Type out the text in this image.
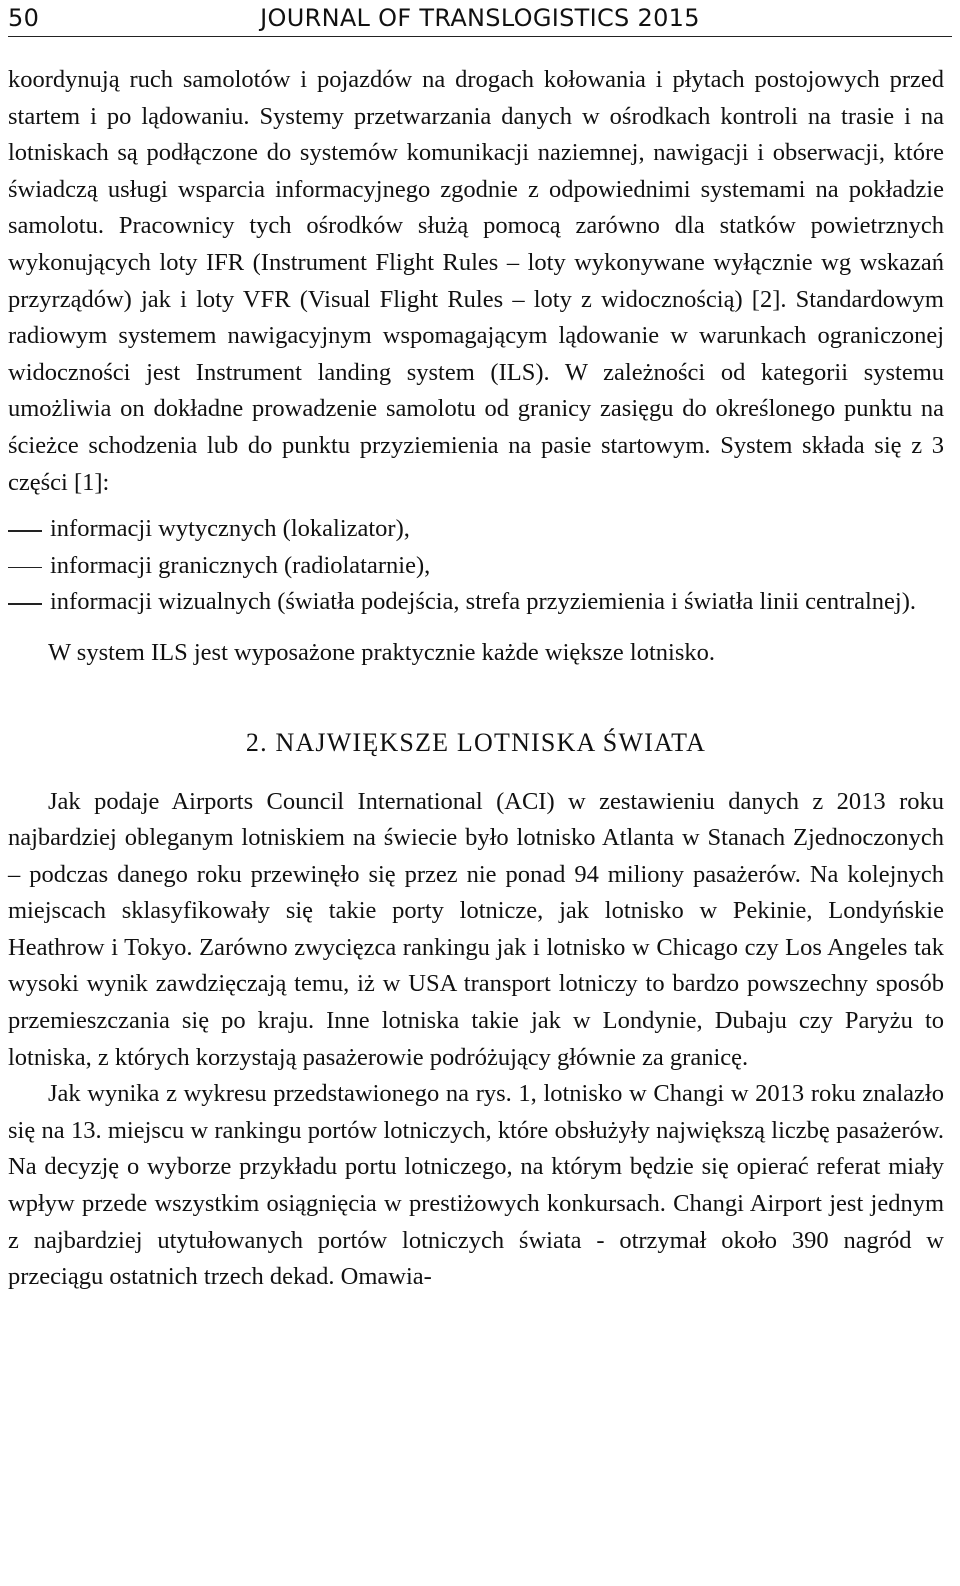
50	JOURNAL OF TRANSLOGISTICS 2015

koordynują ruch samolotów i pojazdów na drogach kołowania i płytach postojowych przed startem i po lądowaniu. Systemy przetwarzania danych w ośrodkach kontroli na trasie i na lotniskach są podłączone do systemów komunikacji naziemnej, nawigacji i obserwacji, które świadczą usługi wsparcia informacyjnego zgodnie z odpowiednimi systemami na pokładzie samolotu. Pracownicy tych ośrodków służą pomocą zarówno dla statków powietrznych wykonujących loty IFR (Instrument Flight Rules – loty wykonywane wyłącznie wg wskazań przyrządów) jak i loty VFR (Visual Flight Rules – loty z widocznością) [2]. Standardowym radiowym systemem nawigacyjnym wspomagającym lądowanie w warunkach ograniczonej widoczności jest Instrument landing system (ILS). W zależności od kategorii systemu umożliwia on dokładne prowadzenie samolotu od granicy zasięgu do określonego punktu na ścieżce schodzenia lub do punktu przyziemienia na pasie startowym. System składa się z 3 części [1]:

informacji wytycznych (lokalizator),
informacji granicznych (radiolatarnie),
informacji wizualnych (światła podejścia, strefa przyziemienia i światła linii centralnej).

W system ILS jest wyposażone praktycznie każde większe lotnisko.

2. NAJWIĘKSZE LOTNISKA ŚWIATA

Jak podaje Airports Council International (ACI) w zestawieniu danych z 2013 roku najbardziej obleganym lotniskiem na świecie było lotnisko Atlanta w Stanach Zjednoczonych – podczas danego roku przewinęło się przez nie ponad 94 miliony pasażerów. Na kolejnych miejscach sklasyfikowały się takie porty lotnicze, jak lotnisko w Pekinie, Londyńskie Heathrow i Tokyo. Zarówno zwycięzca rankingu jak i lotnisko w Chicago czy Los Angeles tak wysoki wynik zawdzięczają temu, iż w USA transport lotniczy to bardzo powszechny sposób przemieszczania się po kraju. Inne lotniska takie jak w Londynie, Dubaju czy Paryżu to lotniska, z których korzystają pasażerowie podróżujący głównie za granicę.

Jak wynika z wykresu przedstawionego na rys. 1, lotnisko w Changi w 2013 roku znalazło się na 13. miejscu w rankingu portów lotniczych, które obsłużyły największą liczbę pasażerów. Na decyzję o wyborze przykładu portu lotniczego, na którym będzie się opierać referat miały wpływ przede wszystkim osiągnięcia w prestiżowych konkursach. Changi Airport jest jednym z najbardziej utytułowanych portów lotniczych świata - otrzymał około 390 nagród w przeciągu ostatnich trzech dekad. Omawia-
